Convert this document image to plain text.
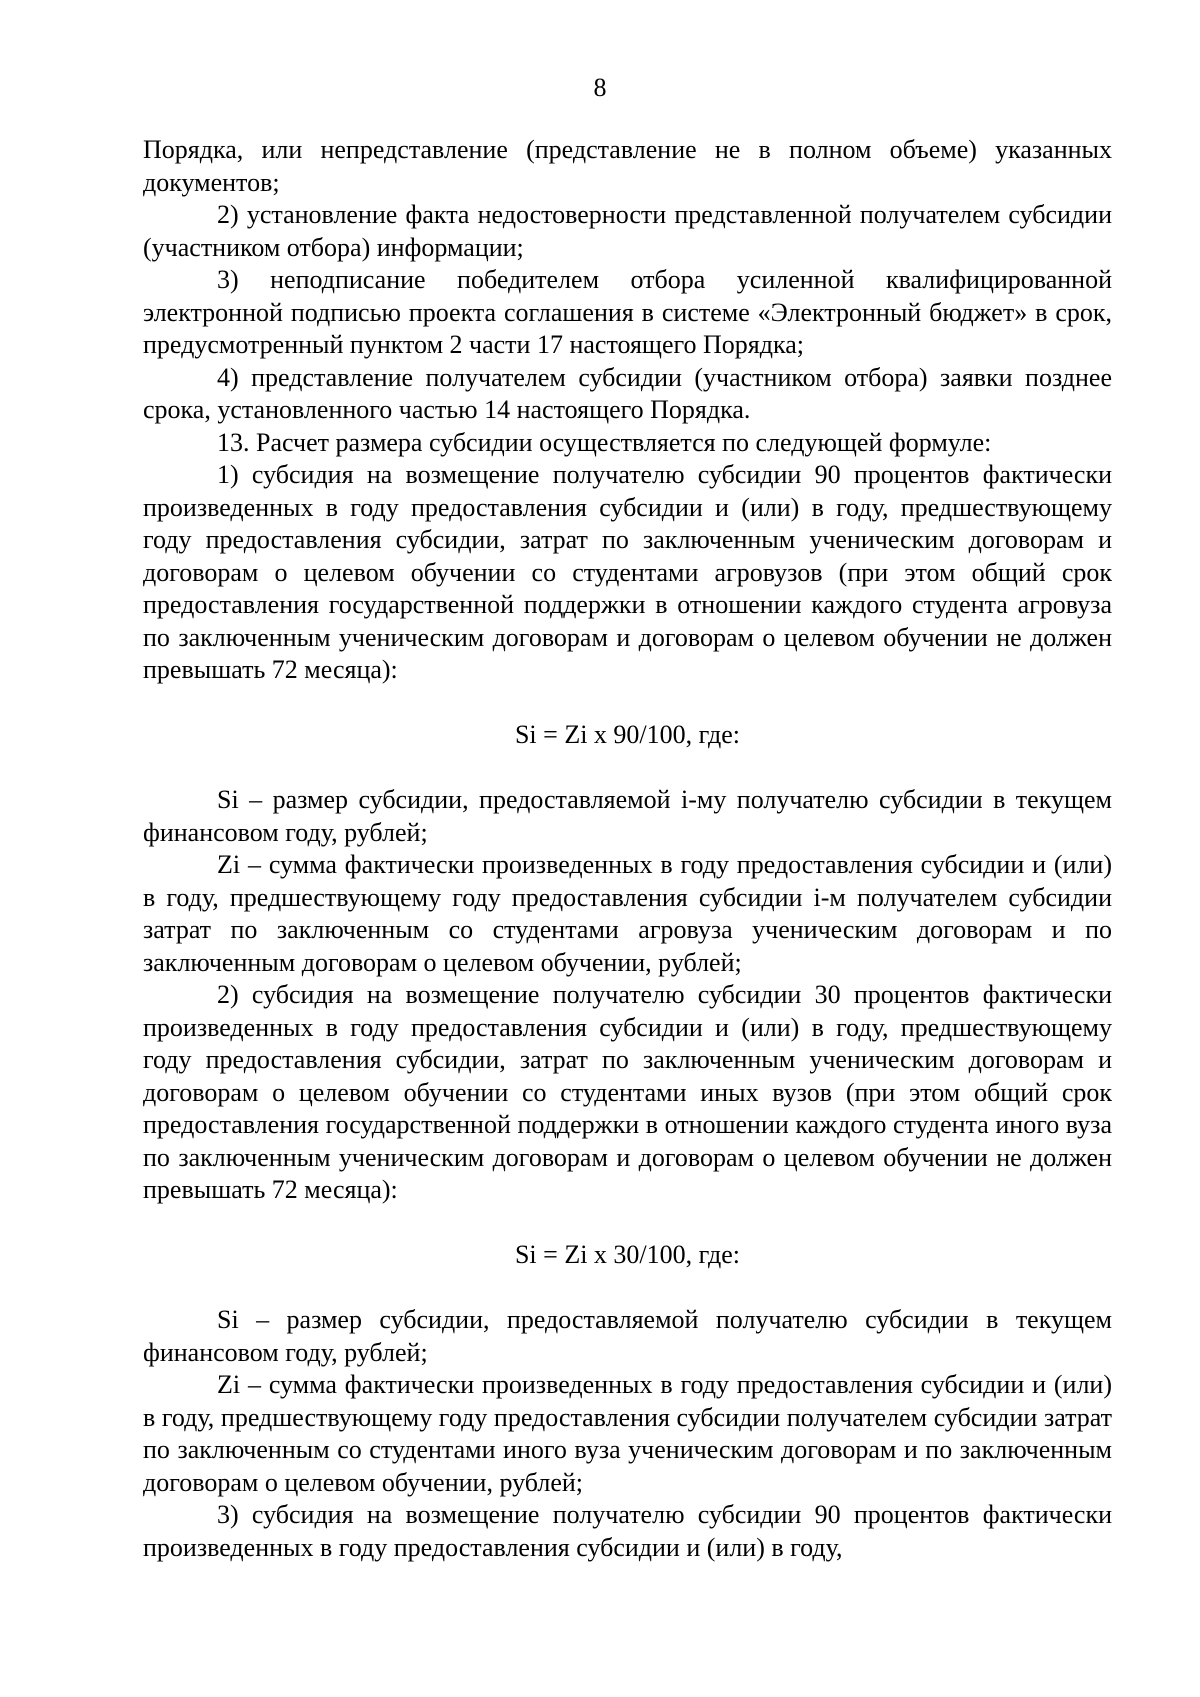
8

Порядка, или непредставление (представление не в полном объеме) указанных документов;

2) установление факта недостоверности представленной получателем субсидии (участником отбора) информации;

3) неподписание победителем отбора усиленной квалифицированной электронной подписью проекта соглашения в системе «Электронный бюджет» в срок, предусмотренный пунктом 2 части 17 настоящего Порядка;

4) представление получателем субсидии (участником отбора) заявки позднее срока, установленного частью 14 настоящего Порядка.

13. Расчет размера субсидии осуществляется по следующей формуле:

1) субсидия на возмещение получателю субсидии 90 процентов фактически произведенных в году предоставления субсидии и (или) в году, предшествующему году предоставления субсидии, затрат по заключенным ученическим договорам и договорам о целевом обучении со студентами агровузов (при этом общий срок предоставления государственной поддержки в отношении каждого студента агровуза по заключенным ученическим договорам и договорам о целевом обучении не должен превышать 72 месяца):

Si = Zi x 90/100, где:

Si – размер субсидии, предоставляемой i-му получателю субсидии в текущем финансовом году, рублей;

Zi – сумма фактически произведенных в году предоставления субсидии и (или) в году, предшествующему году предоставления субсидии i-м получателем субсидии затрат по заключенным со студентами агровуза ученическим договорам и по заключенным договорам о целевом обучении, рублей;

2) субсидия на возмещение получателю субсидии 30 процентов фактически произведенных в году предоставления субсидии и (или) в году, предшествующему году предоставления субсидии, затрат по заключенным ученическим договорам и договорам о целевом обучении со студентами иных вузов (при этом общий срок предоставления государственной поддержки в отношении каждого студента иного вуза по заключенным ученическим договорам и договорам о целевом обучении не должен превышать 72 месяца):

Si = Zi x 30/100, где:

Si – размер субсидии, предоставляемой получателю субсидии в текущем финансовом году, рублей;

Zi – сумма фактически произведенных в году предоставления субсидии и (или) в году, предшествующему году предоставления субсидии получателем субсидии затрат по заключенным со студентами иного вуза ученическим договорам и по заключенным договорам о целевом обучении, рублей;

3) субсидия на возмещение получателю субсидии 90 процентов фактически произведенных в году предоставления субсидии и (или) в году,
